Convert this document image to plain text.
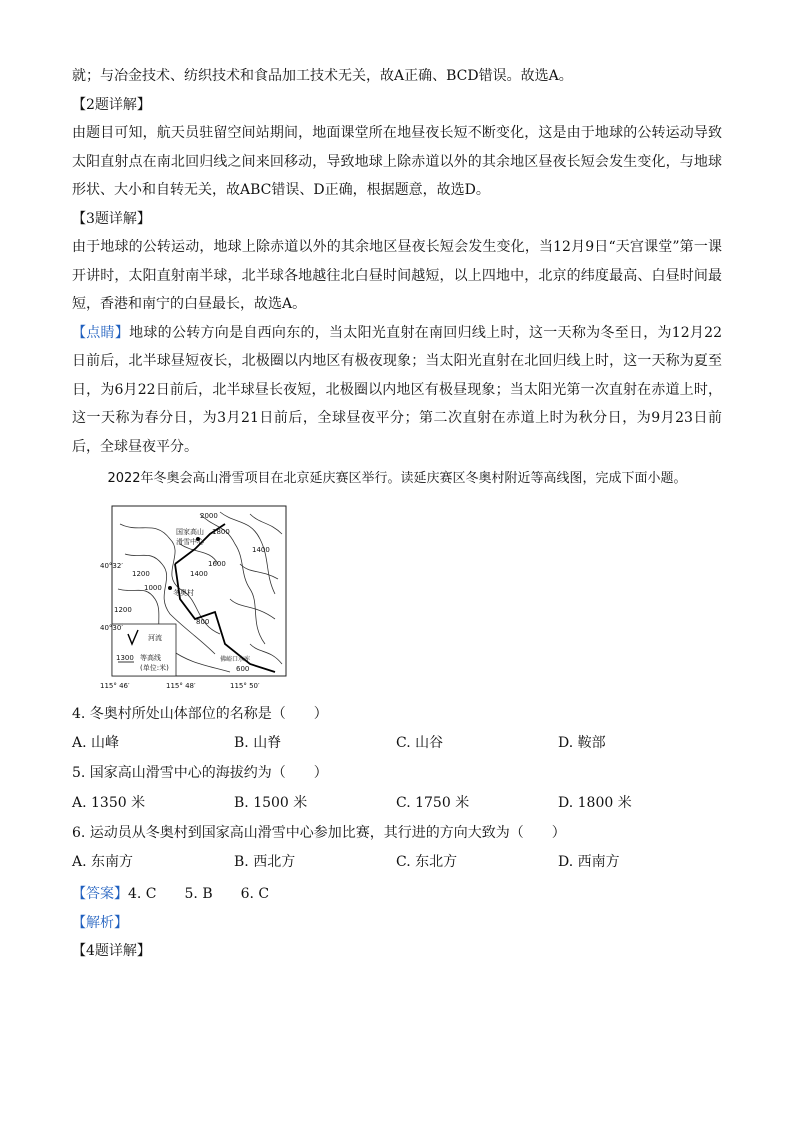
就；与冶金技术、纺织技术和食品加工技术无关，故A正确、BCD错误。故选A。

【2题详解】

由题目可知，航天员驻留空间站期间，地面课堂所在地昼夜长短不断变化，这是由于地球的公转运动导致太阳直射点在南北回归线之间来回移动，导致地球上除赤道以外的其余地区昼夜长短会发生变化，与地球形状、大小和自转无关，故ABC错误、D正确，根据题意，故选D。

【3题详解】

由于地球的公转运动，地球上除赤道以外的其余地区昼夜长短会发生变化，当12月9日“天宫课堂”第一课开讲时，太阳直射南半球，北半球各地越往北白昼时间越短，以上四地中，北京的纬度最高、白昼时间最短，香港和南宁的白昼最长，故选A。

【点睛】地球的公转方向是自西向东的，当太阳光直射在南回归线上时，这一天称为冬至日，为12月22日前后，北半球昼短夜长，北极圈以内地区有极夜现象；当太阳光直射在北回归线上时，这一天称为夏至日，为6月22日前后，北半球昼长夜短，北极圈以内地区有极昼现象；当太阳光第一次直射在赤道上时，这一天称为春分日，为3月21日前后，全球昼夜平分；第二次直射在赤道上时为秋分日，为9月23日前后，全球昼夜平分。

2022年冬奥会高山滑雪项目在北京延庆赛区举行。读延庆赛区冬奥村附近等高线图，完成下面小题。

40°32′
40°30′
115° 46′	115° 48′	115° 50′
2000
1800
1600
1400
1400
1200
1200
1000
800
600
国家高山
滑雪中心
冬奥村
河流
等高线
(单位:米)
1300	佛峪口水库

4. 冬奥村所处山体部位的名称是（　　）

A. 山峰	B. 山脊	C. 山谷	D. 鞍部

5. 国家高山滑雪中心的海拔约为（　　）

A. 1350 米	B. 1500 米	C. 1750 米	D. 1800 米

6. 运动员从冬奥村到国家高山滑雪中心参加比赛，其行进的方向大致为（　　）

A. 东南方	B. 西北方	C. 东北方	D. 西南方

【答案】4. C　　5. B　　6. C

【解析】

【4题详解】
